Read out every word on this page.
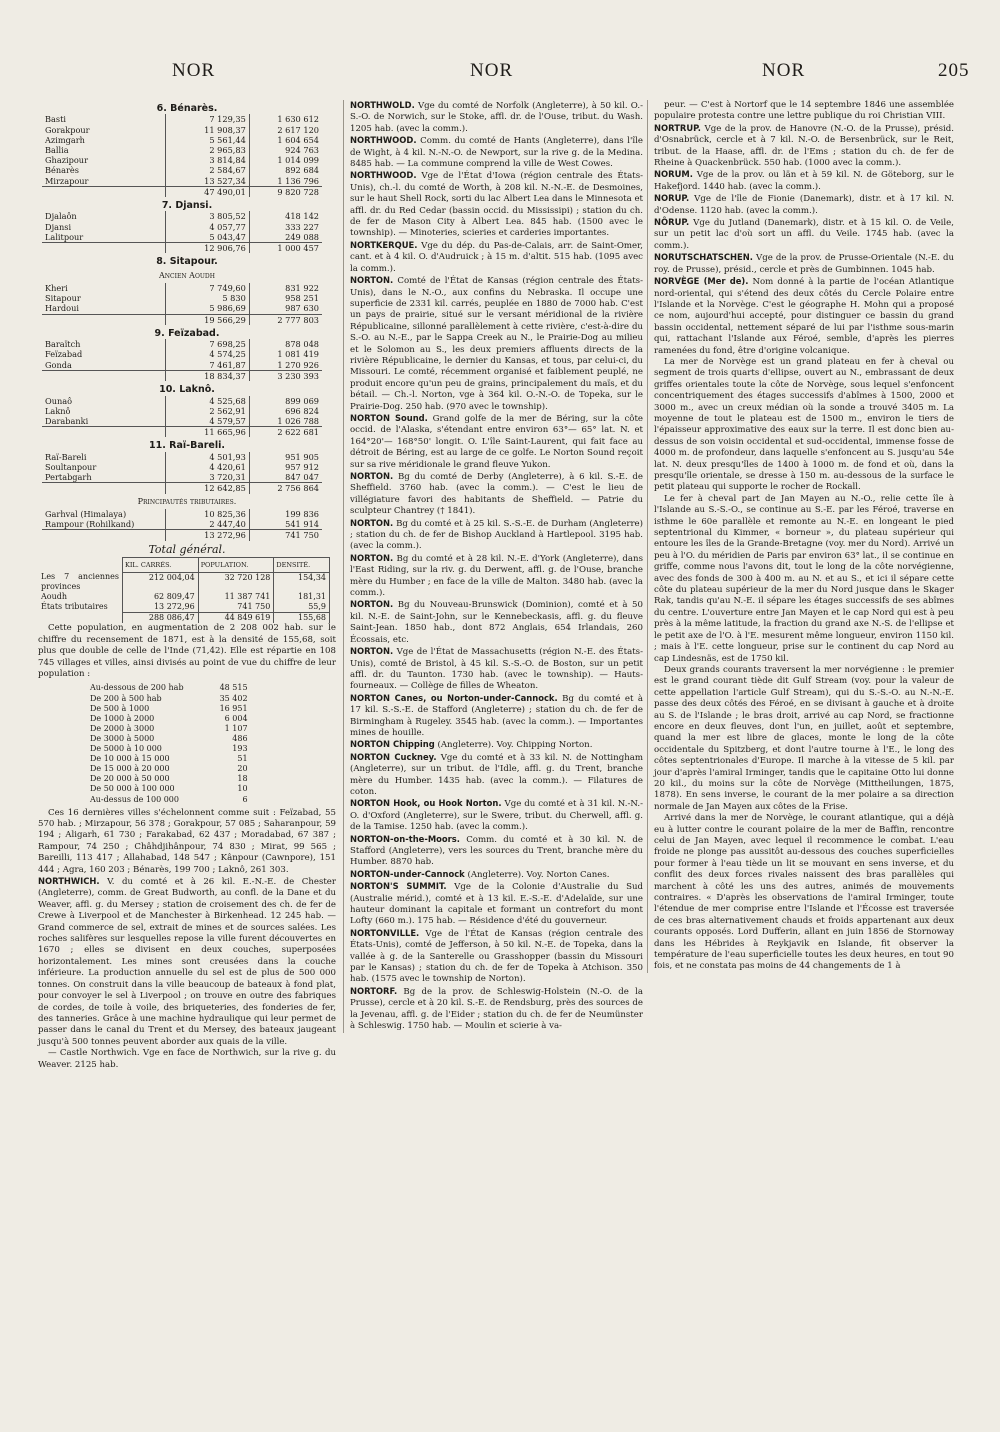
NOR	NOR	NOR	205
6. Bénarès.
Basti	7 129,35	1 630 612
Gorakpour	11 908,37	2 617 120
Azimgarh	5 561,44	1 604 654
Ballia	2 965,83	924 763
Ghazipour	3 814,84	1 014 099
Bénarès	2 584,67	892 684
Mirzapour	13 527,34	1 136 796
	47 490,01	9 820 728
7. Djansi.
Djalaôn	3 805,52	418 142
Djansi	4 057,77	333 227
Lalitpour	5 043,47	249 088
	12 906,76	1 000 457
8. Sitapour.
Ancien Aoudh
Kheri	7 749,60	831 922
Sitapour	5 830	958 251
Hardoui	5 986,69	987 630
	19 566,29	2 777 803
9. Feïzabad.
Baraïtch	7 698,25	878 048
Feïzabad	4 574,25	1 081 419
Gonda	7 461,87	1 270 926
	18 834,37	3 230 393
10. Laknô.
Ounaô	4 525,68	899 069
Laknô	2 562,91	696 824
Darabanki	4 579,57	1 026 788
	11 665,96	2 622 681
11. Raï-Bareli.
Raï-Bareli	4 501,93	951 905
Soultanpour	4 420,61	957 912
Pertabgarh	3 720,31	847 047
	12 642,85	2 756 864
Principautés tributaires.
Garhval (Himalaya)	10 825,36	199 836
Rampour (Rohilkand)	2 447,40	541 914
	13 272,96	741 750
Total général.
	KIL. CARRÉS.	POPULATION.	DENSITÉ.
Les 7 anciennes provinces	212 004,04	32 720 128	154,34
Aoudh	62 809,47	11 387 741	181,31
États tributaires	13 272,96	741 750	55,9
	288 086,47	44 849 619	155,68

Cette population, en augmentation de 2 208 002 hab. sur le chiffre du recensement de 1871, est à la densité de 155,68, soit plus que double de celle de l'Inde (71,42). Elle est répartie en 108 745 villages et villes, ainsi divisés au point de vue du chiffre de leur population :

Au-dessous de 200 hab	48 515
De 200 à 500 hab	35 402
De 500 à 1000	16 951
De 1000 à 2000	6 004
De 2000 à 3000	1 107
De 3000 à 5000	486
De 5000 à 10 000	193
De 10 000 à 15 000	51
De 15 000 à 20 000	20
De 20 000 à 50 000	18
De 50 000 à 100 000	10
Au-dessus de 100 000	6

Ces 16 dernières villes s'échelonnent comme suit : Feïzabad, 55 570 hab. ; Mirzapour, 56 378 ; Gorakpour, 57 085 ; Saharanpour, 59 194 ; Aligarh, 61 730 ; Farakabad, 62 437 ; Moradabad, 67 387 ; Rampour, 74 250 ; Châhdjihânpour, 74 830 ; Mirat, 99 565 ; Bareilli, 113 417 ; Allahabad, 148 547 ; Kânpour (Cawnpore), 151 444 ; Agra, 160 203 ; Bénarès, 199 700 ; Laknô, 261 303.

NORTHWICH. V. du comté et à 26 kil. E.-N.-E. de Chester (Angleterre), comm. de Great Budworth, au confl. de la Dane et du Weaver, affl. g. du Mersey ; station de croisement des ch. de fer de Crewe à Liverpool et de Manchester à Birkenhead. 12 245 hab. — Grand commerce de sel, extrait de mines et de sources salées. Les roches salifères sur lesquelles repose la ville furent découvertes en 1670 ; elles se divisent en deux couches, superposées horizontalement. Les mines sont creusées dans la couche inférieure. La production annuelle du sel est de plus de 500 000 tonnes. On construit dans la ville beaucoup de bateaux à fond plat, pour convoyer le sel à Liverpool ; on trouve en outre des fabriques de cordes, de toile à voile, des briqueteries, des fonderies de fer, des tanneries. Grâce à une machine hydraulique qui leur permet de passer dans le canal du Trent et du Mersey, des bateaux jaugeant jusqu'à 500 tonnes peuvent aborder aux quais de la ville.

— Castle Northwich. Vge en face de Northwich, sur la rive g. du Weaver. 2125 hab.

NORTHWOLD. Vge du comté de Norfolk (Angleterre), à 50 kil. O.-S.-O. de Norwich, sur le Stoke, affl. dr. de l'Ouse, tribut. du Wash. 1205 hab. (avec la comm.).

NORTHWOOD. Comm. du comté de Hants (Angleterre), dans l'île de Wight, à 4 kil. N.-N.-O. de Newport, sur la rive g. de la Medina. 8485 hab. — La commune comprend la ville de West Cowes.

NORTHWOOD. Vge de l'État d'Iowa (région centrale des États-Unis), ch.-l. du comté de Worth, à 208 kil. N.-N.-E. de Desmoines, sur le haut Shell Rock, sorti du lac Albert Lea dans le Minnesota et affl. dr. du Red Cedar (bassin occid. du Mississipi) ; station du ch. de fer de Mason City à Albert Lea. 845 hab. (1500 avec le township). — Minoteries, scieries et carderies importantes.

NORTKERQUE. Vge du dép. du Pas-de-Calais, arr. de Saint-Omer, cant. et à 4 kil. O. d'Audruick ; à 15 m. d'altit. 515 hab. (1095 avec la comm.).

NORTON. Comté de l'État de Kansas (région centrale des États-Unis), dans le N.-O., aux confins du Nebraska. Il occupe une superficie de 2331 kil. carrés, peuplée en 1880 de 7000 hab. C'est un pays de prairie, situé sur le versant méridional de la rivière Républicaine, sillonné parallèlement à cette rivière, c'est-à-dire du S.-O. au N.-E., par le Sappa Creek au N., le Prairie-Dog au milieu et le Solomon au S., les deux premiers affluents directs de la rivière Républicaine, le dernier du Kansas, et tous, par celui-ci, du Missouri. Le comté, récemment organisé et faiblement peuplé, ne produit encore qu'un peu de grains, principalement du maïs, et du bétail. — Ch.-l. Norton, vge à 364 kil. O.-N.-O. de Topeka, sur le Prairie-Dog. 250 hab. (970 avec le township).

NORTON Sound. Grand golfe de la mer de Béring, sur la côte occid. de l'Alaska, s'étendant entre environ 63°— 65° lat. N. et 164°20'— 168°50' longit. O. L'île Saint-Laurent, qui fait face au détroit de Béring, est au large de ce golfe. Le Norton Sound reçoit sur sa rive méridionale le grand fleuve Yukon.

NORTON. Bg du comté de Derby (Angleterre), à 6 kil. S.-E. de Sheffield. 3760 hab. (avec la comm.). — C'est le lieu de villégiature favori des habitants de Sheffield. — Patrie du sculpteur Chantrey († 1841).

NORTON. Bg du comté et à 25 kil. S.-S.-E. de Durham (Angleterre) ; station du ch. de fer de Bishop Auckland à Hartlepool. 3195 hab. (avec la comm.).

NORTON. Bg du comté et à 28 kil. N.-E. d'York (Angleterre), dans l'East Riding, sur la riv. g. du Derwent, affl. g. de l'Ouse, branche mère du Humber ; en face de la ville de Malton. 3480 hab. (avec la comm.).

NORTON. Bg du Nouveau-Brunswick (Dominion), comté et à 50 kil. N.-E. de Saint-John, sur le Kennebeckasis, affl. g. du fleuve Saint-Jean. 1850 hab., dont 872 Anglais, 654 Irlandais, 260 Écossais, etc.

NORTON. Vge de l'État de Massachusetts (région N.-E. des États-Unis), comté de Bristol, à 45 kil. S.-S.-O. de Boston, sur un petit affl. dr. du Taunton. 1730 hab. (avec le township). — Hauts-fourneaux. — Collège de filles de Wheaton.

NORTON Canes, ou Norton-under-Cannock. Bg du comté et à 17 kil. S.-S.-E. de Stafford (Angleterre) ; station du ch. de fer de Birmingham à Rugeley. 3545 hab. (avec la comm.). — Importantes mines de houille.

NORTON Chipping (Angleterre). Voy. Chipping Norton.

NORTON Cuckney. Vge du comté et à 33 kil. N. de Nottingham (Angleterre), sur un tribut. de l'Idle, affl. g. du Trent, branche mère du Humber. 1435 hab. (avec la comm.). — Filatures de coton.

NORTON Hook, ou Hook Norton. Vge du comté et à 31 kil. N.-N.-O. d'Oxford (Angleterre), sur le Swere, tribut. du Cherwell, affl. g. de la Tamise. 1250 hab. (avec la comm.).

NORTON-on-the-Moors. Comm. du comté et à 30 kil. N. de Stafford (Angleterre), vers les sources du Trent, branche mère du Humber. 8870 hab.

NORTON-under-Cannock (Angleterre). Voy. Norton Canes.

NORTON'S SUMMIT. Vge de la Colonie d'Australie du Sud (Australie mérid.), comté et à 13 kil. E.-S.-E. d'Adelaïde, sur une hauteur dominant la capitale et formant un contrefort du mont Lofty (660 m.). 175 hab. — Résidence d'été du gouverneur.

NORTONVILLE. Vge de l'État de Kansas (région centrale des États-Unis), comté de Jefferson, à 50 kil. N.-E. de Topeka, dans la vallée à g. de la Santerelle ou Grasshopper (bassin du Missouri par le Kansas) ; station du ch. de fer de Topeka à Atchison. 350 hab. (1575 avec le township de Norton).

NORTORF. Bg de la prov. de Schleswig-Holstein (N.-O. de la Prusse), cercle et à 20 kil. S.-E. de Rendsburg, près des sources de la Jevenau, affl. g. de l'Eider ; station du ch. de fer de Neumünster à Schleswig. 1750 hab. — Moulin et scierie à va-

peur. — C'est à Nortorf que le 14 septembre 1846 une assemblée populaire protesta contre une lettre publique du roi Christian VIII.

NORTRUP. Vge de la prov. de Hanovre (N.-O. de la Prusse), présid. d'Osnabrück, cercle et à 7 kil. N.-O. de Bersenbrück, sur le Reit, tribut. de la Haase, affl. dr. de l'Ems ; station du ch. de fer de Rheine à Quackenbrück. 550 hab. (1000 avec la comm.).

NORUM. Vge de la prov. ou län et à 59 kil. N. de Göteborg, sur le Hakefjord. 1440 hab. (avec la comm.).

NORUP. Vge de l'île de Fionie (Danemark), distr. et à 17 kil. N. d'Odense. 1120 hab. (avec la comm.).

NÔRUP. Vge du Jutland (Danemark), distr. et à 15 kil. O. de Veile, sur un petit lac d'où sort un affl. du Veile. 1745 hab. (avec la comm.).

NORUTSCHATSCHEN. Vge de la prov. de Prusse-Orientale (N.-E. du roy. de Prusse), présid., cercle et près de Gumbinnen. 1045 hab.

NORVÈGE (Mer de). Nom donné à la partie de l'océan Atlantique nord-oriental, qui s'étend des deux côtés du Cercle Polaire entre l'Islande et la Norvège. C'est le géographe H. Mohn qui a proposé ce nom, aujourd'hui accepté, pour distinguer ce bassin du grand bassin occidental, nettement séparé de lui par l'isthme sous-marin qui, rattachant l'Islande aux Féroé, semble, d'après les pierres ramenées du fond, être d'origine volcanique.

La mer de Norvège est un grand plateau en fer à cheval ou segment de trois quarts d'ellipse, ouvert au N., embrassant de deux griffes orientales toute la côte de Norvège, sous lequel s'enfoncent concentriquement des étages successifs d'abîmes à 1500, 2000 et 3000 m., avec un creux médian où la sonde a trouvé 3405 m. La moyenne de tout le plateau est de 1500 m., environ le tiers de l'épaisseur approximative des eaux sur la terre. Il est donc bien au-dessus de son voisin occidental et sud-occidental, immense fosse de 4000 m. de profondeur, dans laquelle s'enfoncent au S. jusqu'au 54e lat. N. deux presqu'îles de 1400 à 1000 m. de fond et où, dans la presqu'île orientale, se dresse à 150 m. au-dessous de la surface le petit plateau qui supporte le rocher de Rockall.

Le fer à cheval part de Jan Mayen au N.-O., relie cette île à l'Islande au S.-S.-O., se continue au S.-E. par les Féroé, traverse en isthme le 60e parallèle et remonte au N.-E. en longeant le pied septentrional du Kimmer, « borneur », du plateau supérieur qui entoure les îles de la Grande-Bretagne (voy. mer du Nord). Arrivé un peu à l'O. du méridien de Paris par environ 63° lat., il se continue en griffe, comme nous l'avons dit, tout le long de la côte norvégienne, avec des fonds de 300 à 400 m. au N. et au S., et ici il sépare cette côte du plateau supérieur de la mer du Nord jusque dans le Skager Rak, tandis qu'au N.-E. il sépare les étages successifs de ses abîmes du centre. L'ouverture entre Jan Mayen et le cap Nord qui est à peu près à la même latitude, la fraction du grand axe N.-S. de l'ellipse et le petit axe de l'O. à l'E. mesurent même longueur, environ 1150 kil. ; mais à l'E. cette longueur, prise sur le continent du cap Nord au cap Lindesnäs, est de 1750 kil.

Deux grands courants traversent la mer norvégienne : le premier est le grand courant tiède dit Gulf Stream (voy. pour la valeur de cette appellation l'article Gulf Stream), qui du S.-S.-O. au N.-N.-E. passe des deux côtés des Féroé, en se divisant à gauche et à droite au S. de l'Islande ; le bras droit, arrivé au cap Nord, se fractionne encore en deux fleuves, dont l'un, en juillet, août et septembre, quand la mer est libre de glaces, monte le long de la côte occidentale du Spitzberg, et dont l'autre tourne à l'E., le long des côtes septentrionales d'Europe. Il marche à la vitesse de 5 kil. par jour d'après l'amiral Irminger, tandis que le capitaine Otto lui donne 20 kil., du moins sur la côte de Norvège (Mittheilungen, 1875, 1878). En sens inverse, le courant de la mer polaire a sa direction normale de Jan Mayen aux côtes de la Frise.

Arrivé dans la mer de Norvège, le courant atlantique, qui a déjà eu à lutter contre le courant polaire de la mer de Baffin, rencontre celui de Jan Mayen, avec lequel il recommence le combat. L'eau froide ne plonge pas aussitôt au-dessous des couches superficielles pour former à l'eau tiède un lit se mouvant en sens inverse, et du conflit des deux forces rivales naissent des bras parallèles qui marchent à côté les uns des autres, animés de mouvements contraires. « D'après les observations de l'amiral Irminger, toute l'étendue de mer comprise entre l'Islande et l'Écosse est traversée de ces bras alternativement chauds et froids appartenant aux deux courants opposés. Lord Dufferin, allant en juin 1856 de Stornoway dans les Hébrides à Reykjavik en Islande, fit observer la température de l'eau superficielle toutes les deux heures, en tout 90 fois, et ne constata pas moins de 44 changements de 1 à
